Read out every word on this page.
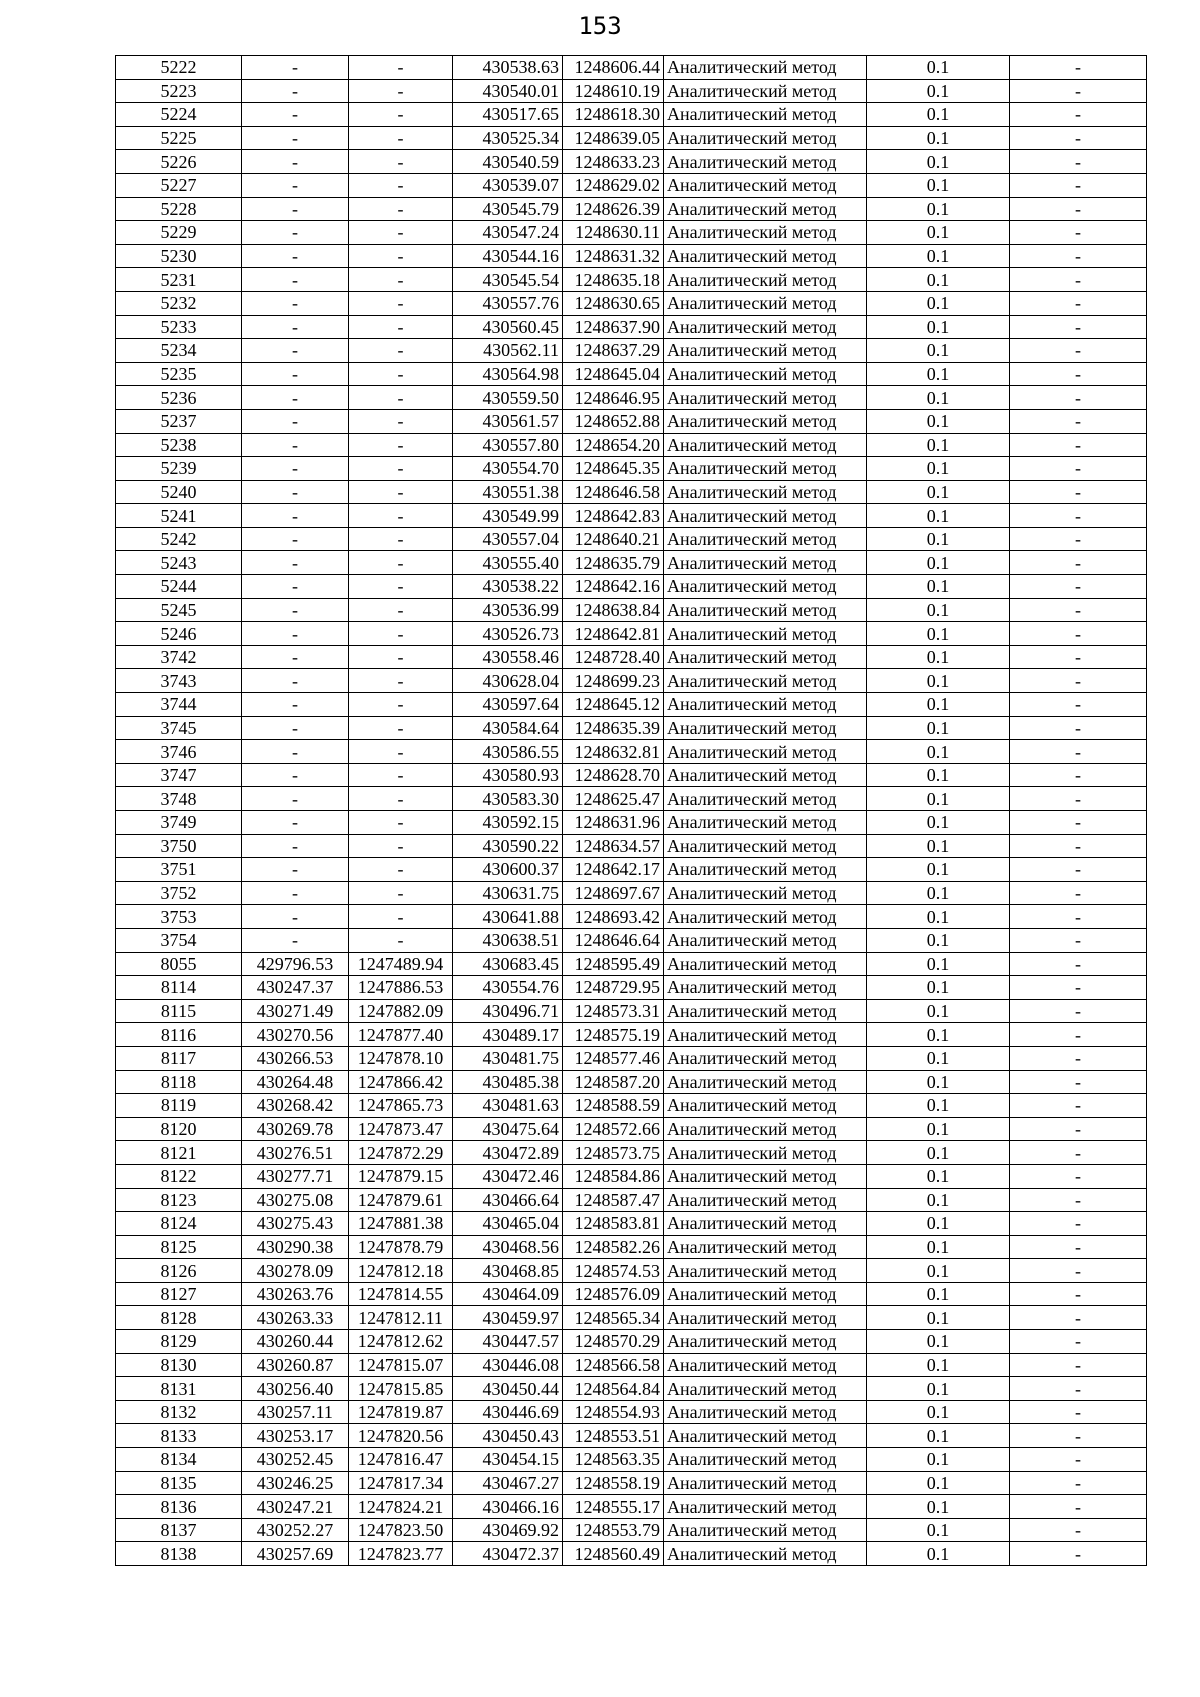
153
5222	-	-	430538.63	1248606.44	Аналитический метод	0.1	-
5223	-	-	430540.01	1248610.19	Аналитический метод	0.1	-
5224	-	-	430517.65	1248618.30	Аналитический метод	0.1	-
5225	-	-	430525.34	1248639.05	Аналитический метод	0.1	-
5226	-	-	430540.59	1248633.23	Аналитический метод	0.1	-
5227	-	-	430539.07	1248629.02	Аналитический метод	0.1	-
5228	-	-	430545.79	1248626.39	Аналитический метод	0.1	-
5229	-	-	430547.24	1248630.11	Аналитический метод	0.1	-
5230	-	-	430544.16	1248631.32	Аналитический метод	0.1	-
5231	-	-	430545.54	1248635.18	Аналитический метод	0.1	-
5232	-	-	430557.76	1248630.65	Аналитический метод	0.1	-
5233	-	-	430560.45	1248637.90	Аналитический метод	0.1	-
5234	-	-	430562.11	1248637.29	Аналитический метод	0.1	-
5235	-	-	430564.98	1248645.04	Аналитический метод	0.1	-
5236	-	-	430559.50	1248646.95	Аналитический метод	0.1	-
5237	-	-	430561.57	1248652.88	Аналитический метод	0.1	-
5238	-	-	430557.80	1248654.20	Аналитический метод	0.1	-
5239	-	-	430554.70	1248645.35	Аналитический метод	0.1	-
5240	-	-	430551.38	1248646.58	Аналитический метод	0.1	-
5241	-	-	430549.99	1248642.83	Аналитический метод	0.1	-
5242	-	-	430557.04	1248640.21	Аналитический метод	0.1	-
5243	-	-	430555.40	1248635.79	Аналитический метод	0.1	-
5244	-	-	430538.22	1248642.16	Аналитический метод	0.1	-
5245	-	-	430536.99	1248638.84	Аналитический метод	0.1	-
5246	-	-	430526.73	1248642.81	Аналитический метод	0.1	-
3742	-	-	430558.46	1248728.40	Аналитический метод	0.1	-
3743	-	-	430628.04	1248699.23	Аналитический метод	0.1	-
3744	-	-	430597.64	1248645.12	Аналитический метод	0.1	-
3745	-	-	430584.64	1248635.39	Аналитический метод	0.1	-
3746	-	-	430586.55	1248632.81	Аналитический метод	0.1	-
3747	-	-	430580.93	1248628.70	Аналитический метод	0.1	-
3748	-	-	430583.30	1248625.47	Аналитический метод	0.1	-
3749	-	-	430592.15	1248631.96	Аналитический метод	0.1	-
3750	-	-	430590.22	1248634.57	Аналитический метод	0.1	-
3751	-	-	430600.37	1248642.17	Аналитический метод	0.1	-
3752	-	-	430631.75	1248697.67	Аналитический метод	0.1	-
3753	-	-	430641.88	1248693.42	Аналитический метод	0.1	-
3754	-	-	430638.51	1248646.64	Аналитический метод	0.1	-
8055	429796.53	1247489.94	430683.45	1248595.49	Аналитический метод	0.1	-
8114	430247.37	1247886.53	430554.76	1248729.95	Аналитический метод	0.1	-
8115	430271.49	1247882.09	430496.71	1248573.31	Аналитический метод	0.1	-
8116	430270.56	1247877.40	430489.17	1248575.19	Аналитический метод	0.1	-
8117	430266.53	1247878.10	430481.75	1248577.46	Аналитический метод	0.1	-
8118	430264.48	1247866.42	430485.38	1248587.20	Аналитический метод	0.1	-
8119	430268.42	1247865.73	430481.63	1248588.59	Аналитический метод	0.1	-
8120	430269.78	1247873.47	430475.64	1248572.66	Аналитический метод	0.1	-
8121	430276.51	1247872.29	430472.89	1248573.75	Аналитический метод	0.1	-
8122	430277.71	1247879.15	430472.46	1248584.86	Аналитический метод	0.1	-
8123	430275.08	1247879.61	430466.64	1248587.47	Аналитический метод	0.1	-
8124	430275.43	1247881.38	430465.04	1248583.81	Аналитический метод	0.1	-
8125	430290.38	1247878.79	430468.56	1248582.26	Аналитический метод	0.1	-
8126	430278.09	1247812.18	430468.85	1248574.53	Аналитический метод	0.1	-
8127	430263.76	1247814.55	430464.09	1248576.09	Аналитический метод	0.1	-
8128	430263.33	1247812.11	430459.97	1248565.34	Аналитический метод	0.1	-
8129	430260.44	1247812.62	430447.57	1248570.29	Аналитический метод	0.1	-
8130	430260.87	1247815.07	430446.08	1248566.58	Аналитический метод	0.1	-
8131	430256.40	1247815.85	430450.44	1248564.84	Аналитический метод	0.1	-
8132	430257.11	1247819.87	430446.69	1248554.93	Аналитический метод	0.1	-
8133	430253.17	1247820.56	430450.43	1248553.51	Аналитический метод	0.1	-
8134	430252.45	1247816.47	430454.15	1248563.35	Аналитический метод	0.1	-
8135	430246.25	1247817.34	430467.27	1248558.19	Аналитический метод	0.1	-
8136	430247.21	1247824.21	430466.16	1248555.17	Аналитический метод	0.1	-
8137	430252.27	1247823.50	430469.92	1248553.79	Аналитический метод	0.1	-
8138	430257.69	1247823.77	430472.37	1248560.49	Аналитический метод	0.1	-
